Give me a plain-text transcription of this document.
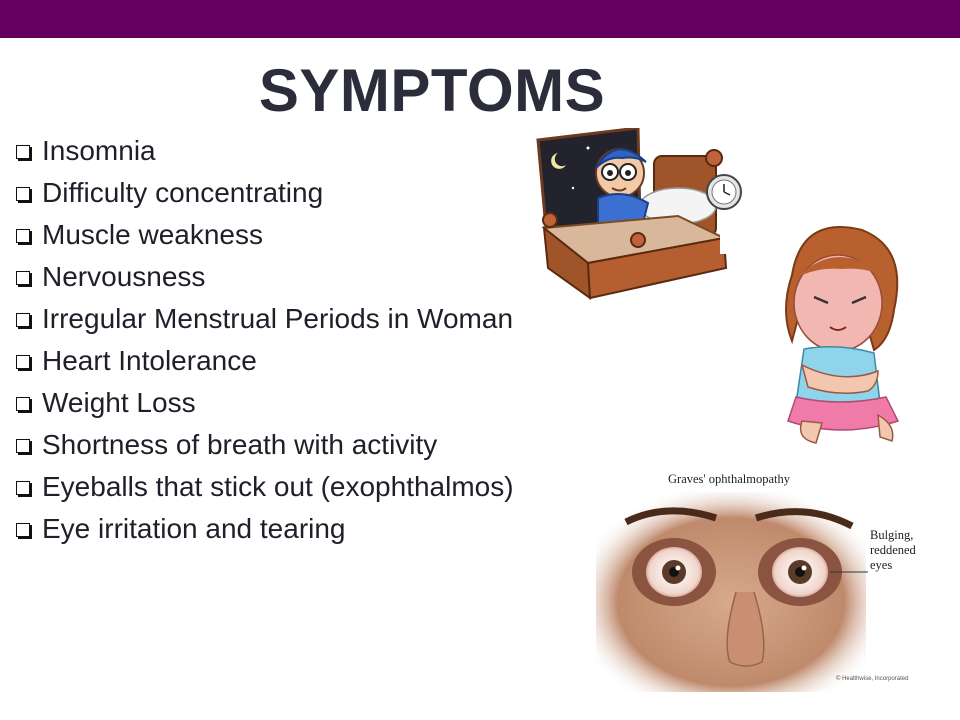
SYMPTOMS
Insomnia
Difficulty concentrating
Muscle weakness
Nervousness
Irregular Menstrual Periods in Woman
Heart Intolerance
Weight Loss
Shortness of breath with activity
Eyeballs that stick out (exophthalmos)
Eye irritation and tearing
Graves' ophthalmopathy
Bulging, reddened eyes
© Healthwise, Incorporated
